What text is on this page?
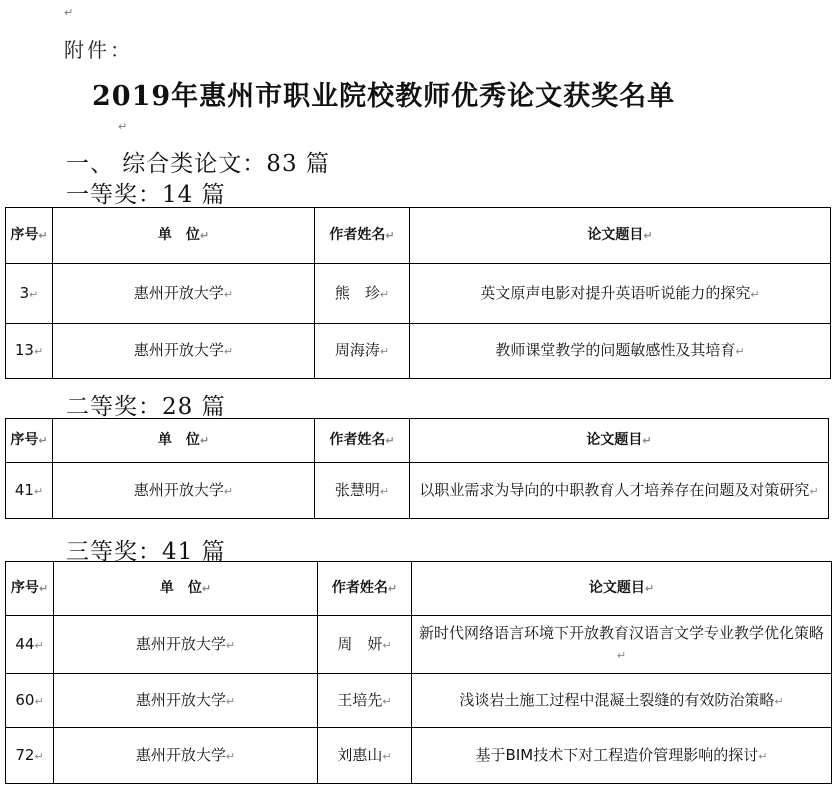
↵
附件：
2019年惠州市职业院校教师优秀论文获奖名单
↵
一、 综合类论文：83 篇
一等奖：14 篇
序号↵	单　位↵	作者姓名↵	论文题目↵
3↵	惠州开放大学↵	熊　珍↵	英文原声电影对提升英语听说能力的探究↵
13↵	惠州开放大学↵	周海涛↵	教师课堂教学的问题敏感性及其培育↵
二等奖：28 篇
序号↵	单　位↵	作者姓名↵	论文题目↵
41↵	惠州开放大学↵	张慧明↵	以职业需求为导向的中职教育人才培养存在问题及对策研究↵
三等奖：41 篇
序号↵	单　位↵	作者姓名↵	论文题目↵
44↵	惠州开放大学↵	周　妍↵	新时代网络语言环境下开放教育汉语言文学专业教学优化策略↵
60↵	惠州开放大学↵	王培先↵	浅谈岩土施工过程中混凝土裂缝的有效防治策略↵
72↵	惠州开放大学↵	刘惠山↵	基于BIM技术下对工程造价管理影响的探讨↵
